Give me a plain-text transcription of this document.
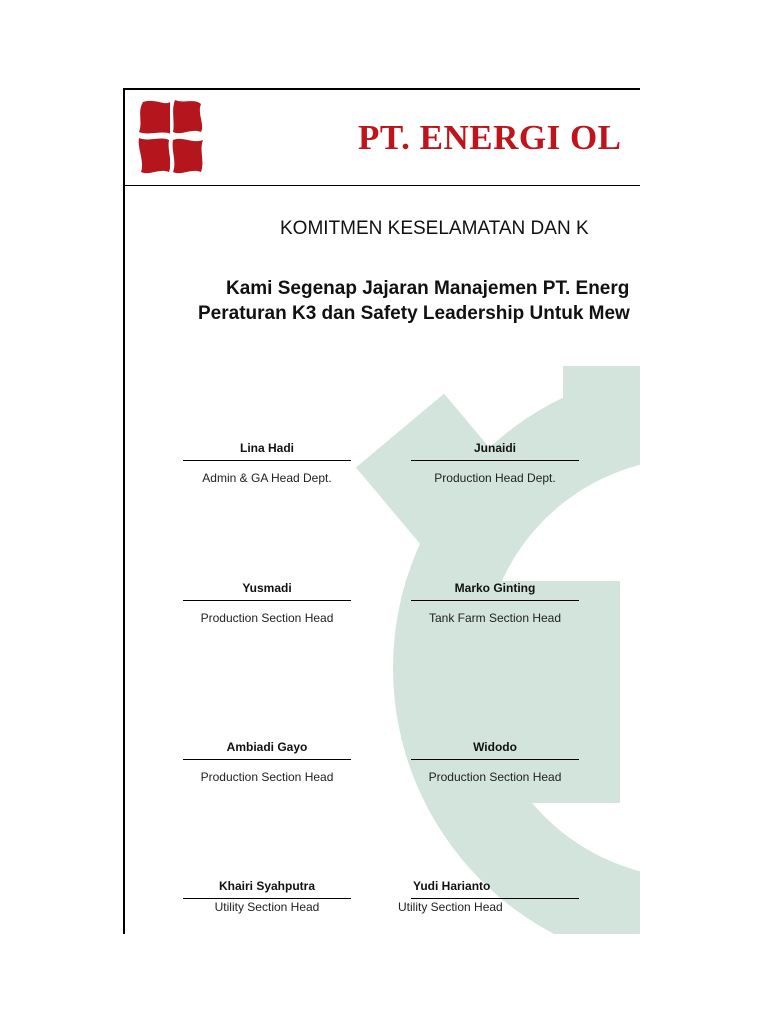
PT. ENERGI OL
KOMITMEN KESELAMATAN DAN K
Kami Segenap Jajaran Manajemen PT. Energ
Peraturan K3 dan Safety Leadership Untuk Mew
Lina Hadi
Admin & GA Head Dept.
Junaidi
Production Head Dept.
Yusmadi
Production Section Head
Marko Ginting
Tank Farm Section Head
Ambiadi Gayo
Production Section Head
Widodo
Production Section Head
Khairi Syahputra
Utility Section Head
Yudi Harianto
Utility Section Head
